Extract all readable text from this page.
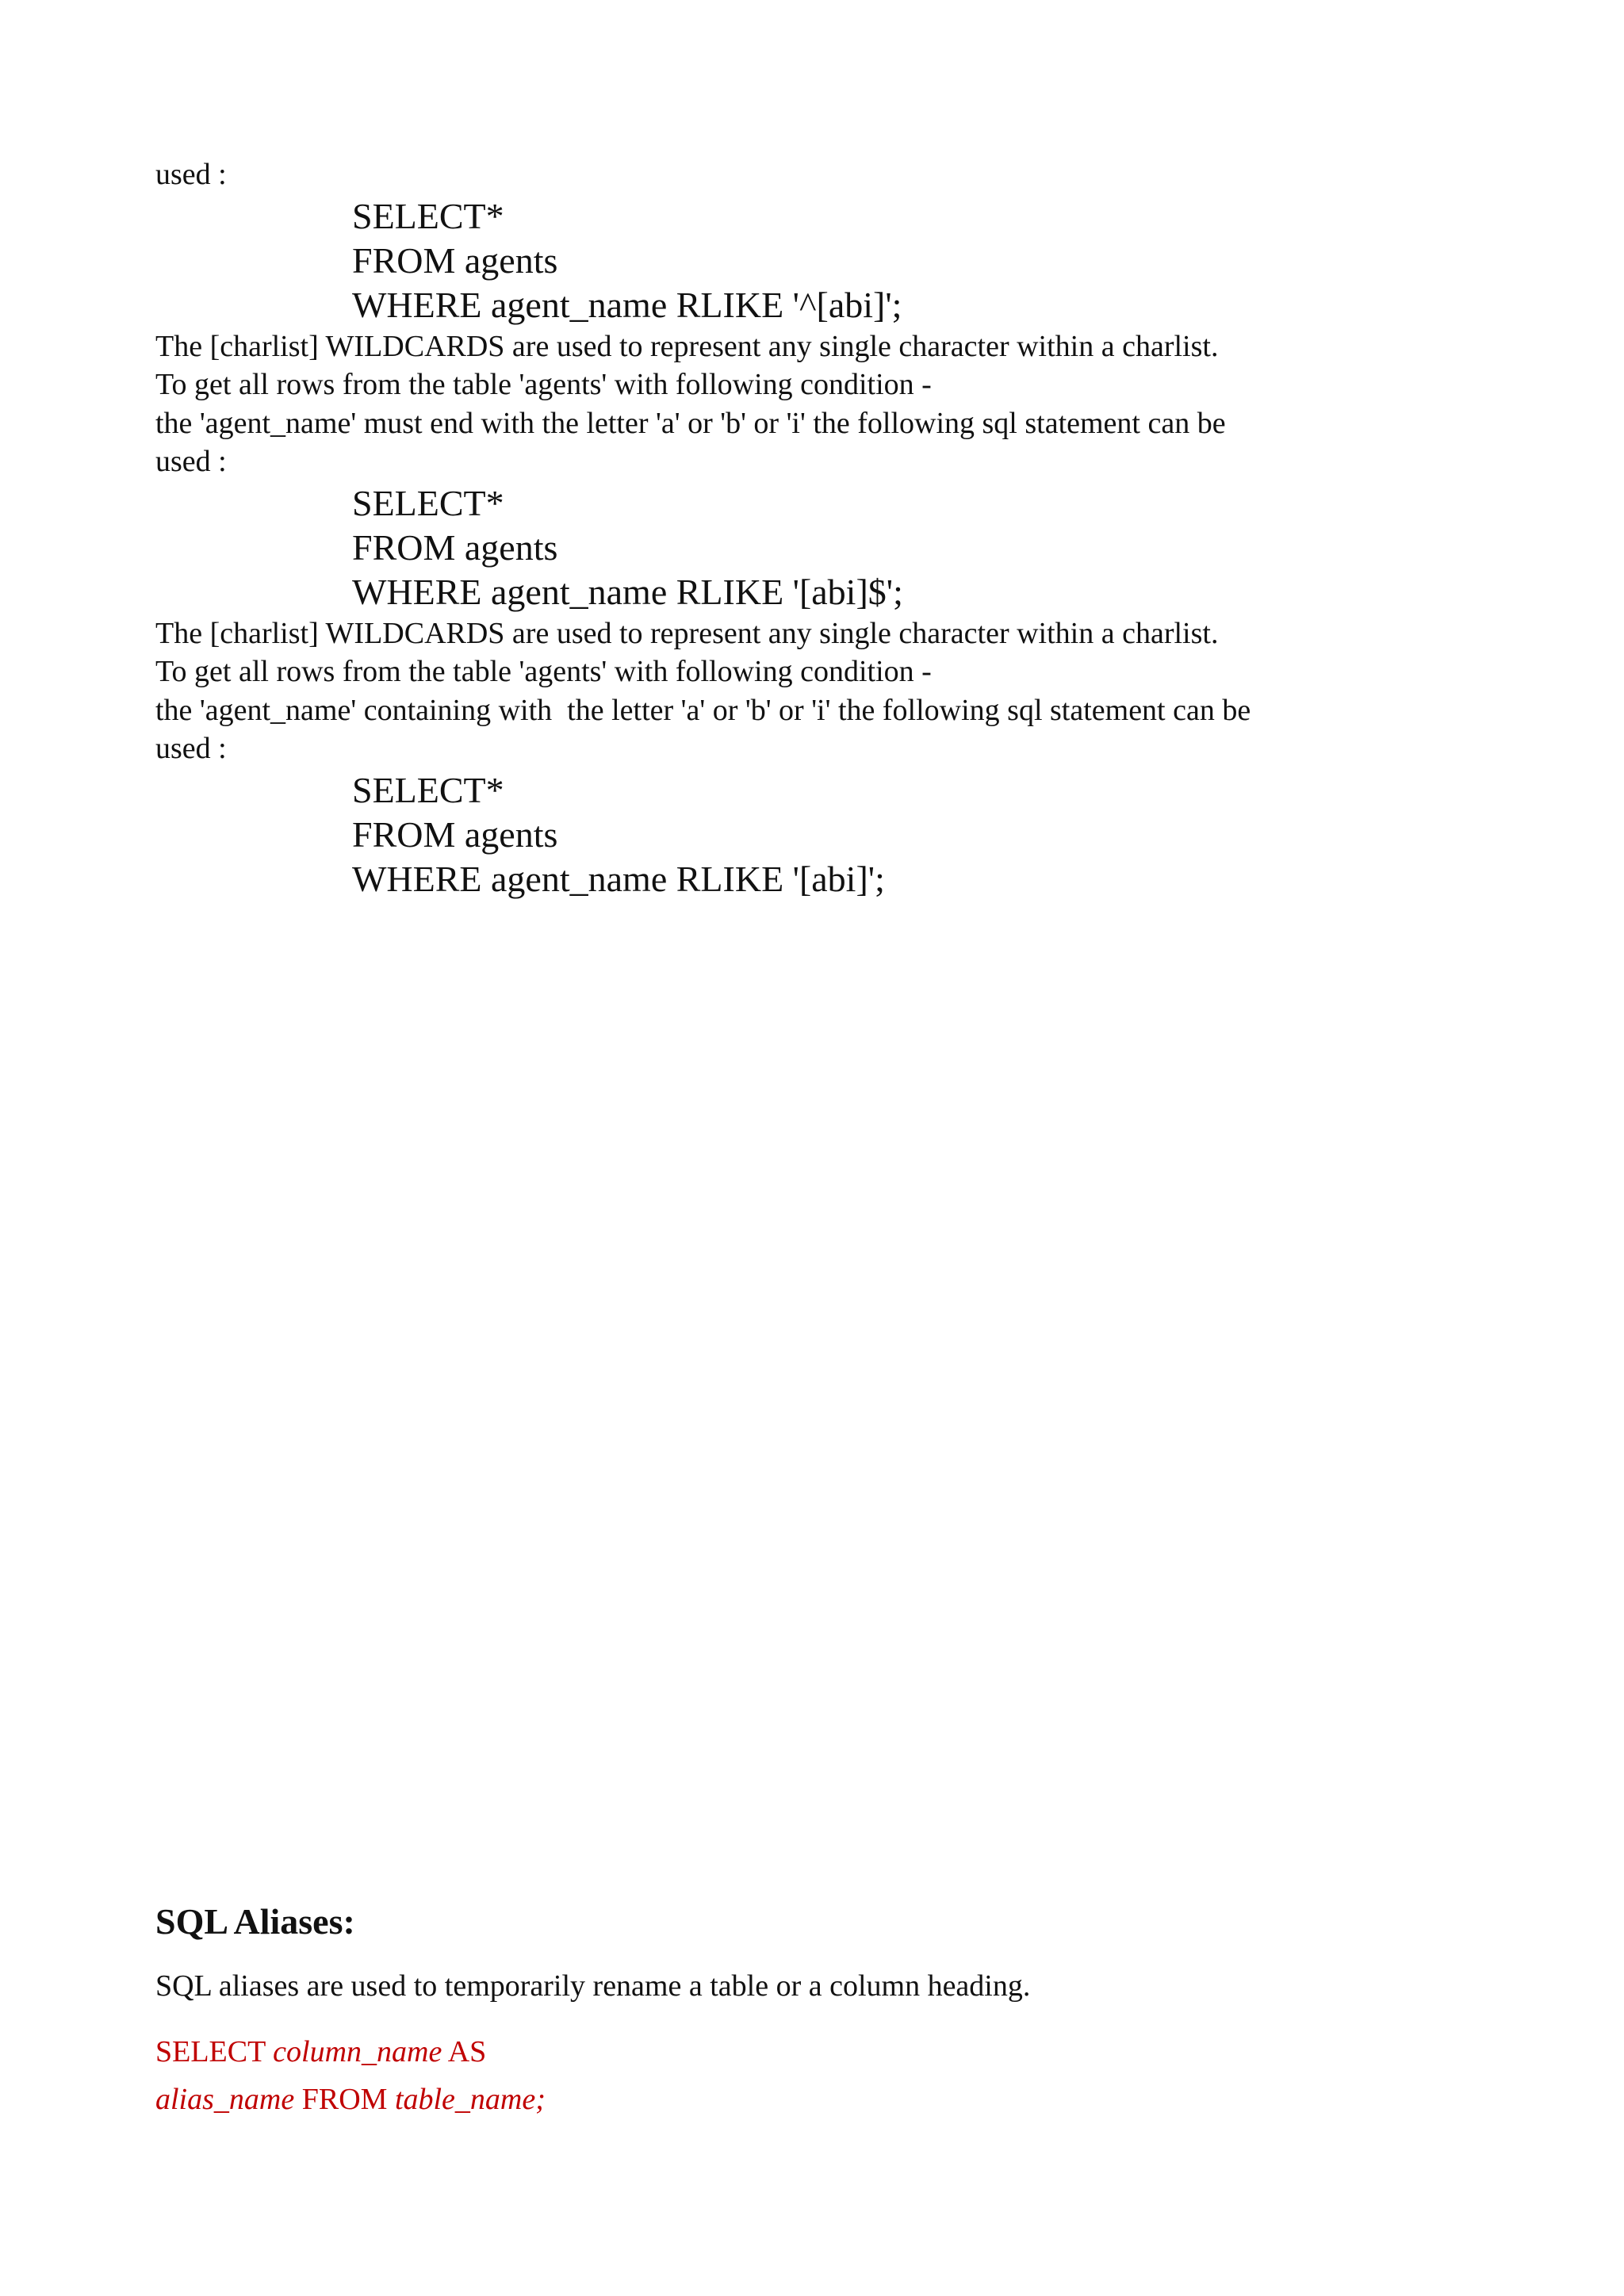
used :
SELECT*
FROM agents
WHERE agent_name RLIKE '^[abi]';
The [charlist] WILDCARDS are used to represent any single character within a charlist.
To get all rows from the table 'agents' with following condition -
the 'agent_name' must end with the letter 'a' or 'b' or 'i' the following sql statement can be
used :
SELECT*
FROM agents
WHERE agent_name RLIKE '[abi]$';
The [charlist] WILDCARDS are used to represent any single character within a charlist.
To get all rows from the table 'agents' with following condition -
the 'agent_name' containing with  the letter 'a' or 'b' or 'i' the following sql statement can be
used :
SELECT*
FROM agents
WHERE agent_name RLIKE '[abi]';
SQL Aliases:
SQL aliases are used to temporarily rename a table or a column heading.
SELECT column_name AS
alias_name FROM table_name;
